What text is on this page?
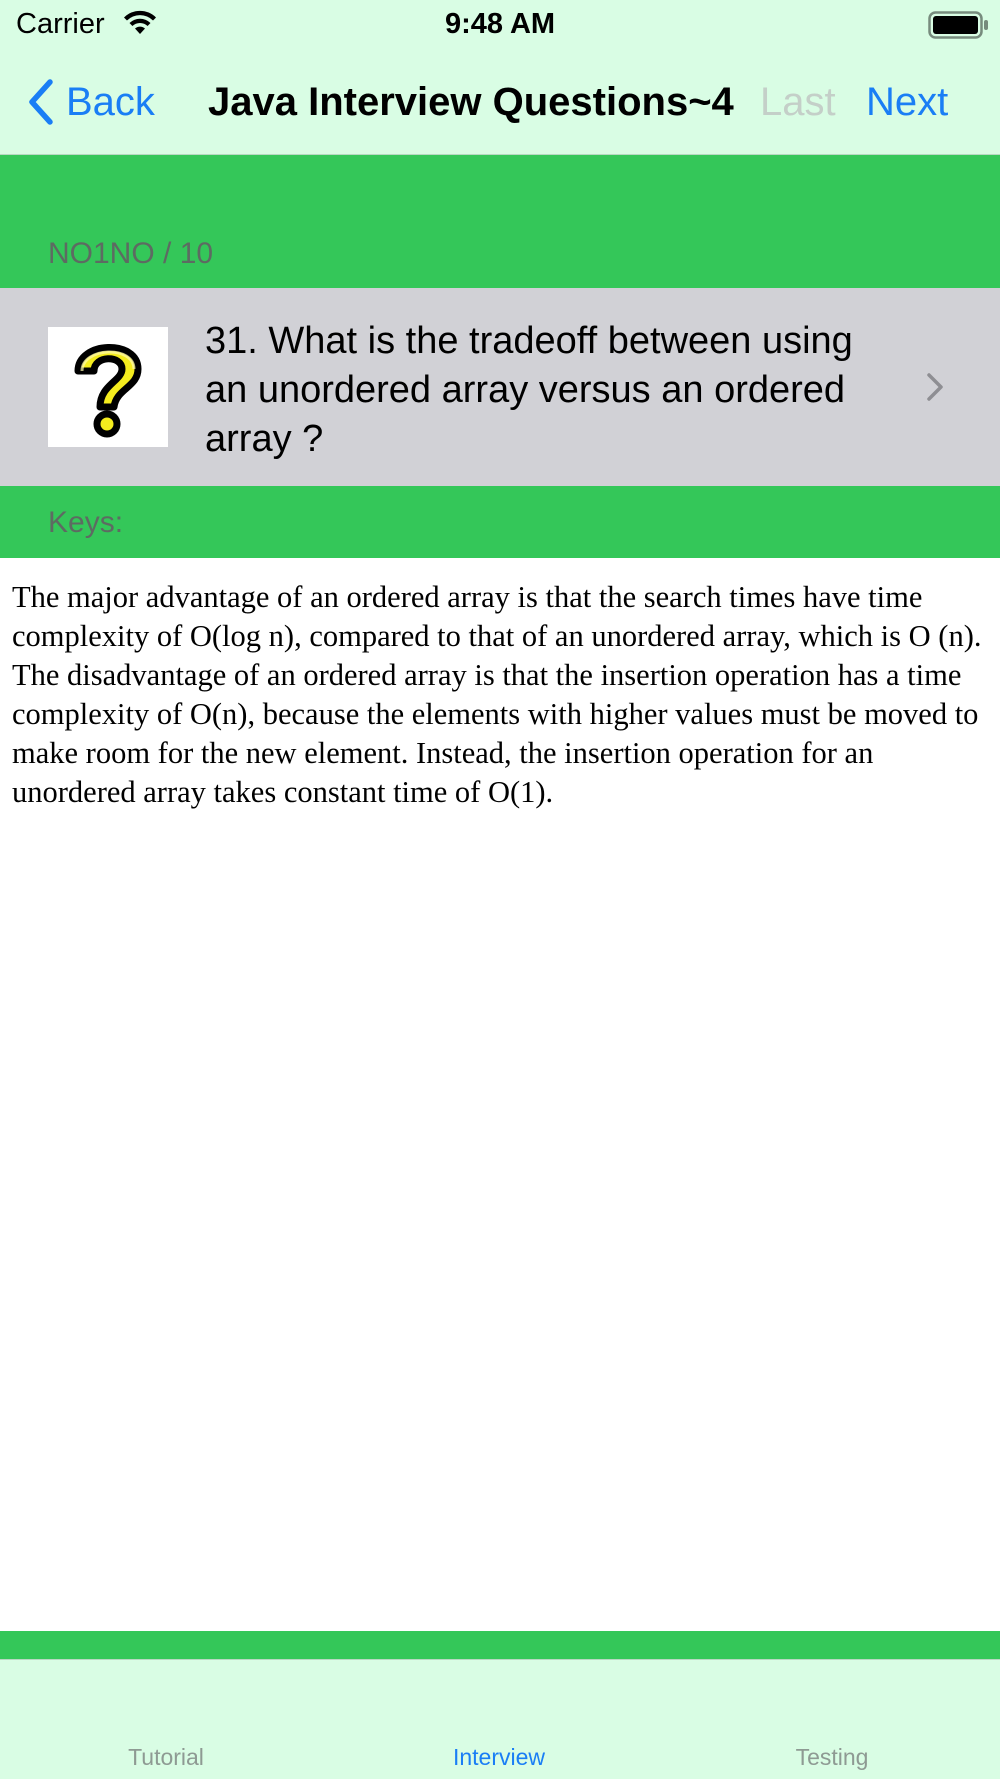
Carrier	9:48 AM
Back Java Interview Questions~4 Last Next
NO1NO / 10
31. What is the tradeoff between using an unordered array versus an ordered array ?
Keys:
The major advantage of an ordered array is that the search times have time complexity of O(log n), compared to that of an unordered array, which is O (n). The disadvantage of an ordered array is that the insertion operation has a time complexity of O(n), because the elements with higher values must be moved to make room for the new element. Instead, the insertion operation for an unordered array takes constant time of O(1).
Tutorial	Interview	Testing
